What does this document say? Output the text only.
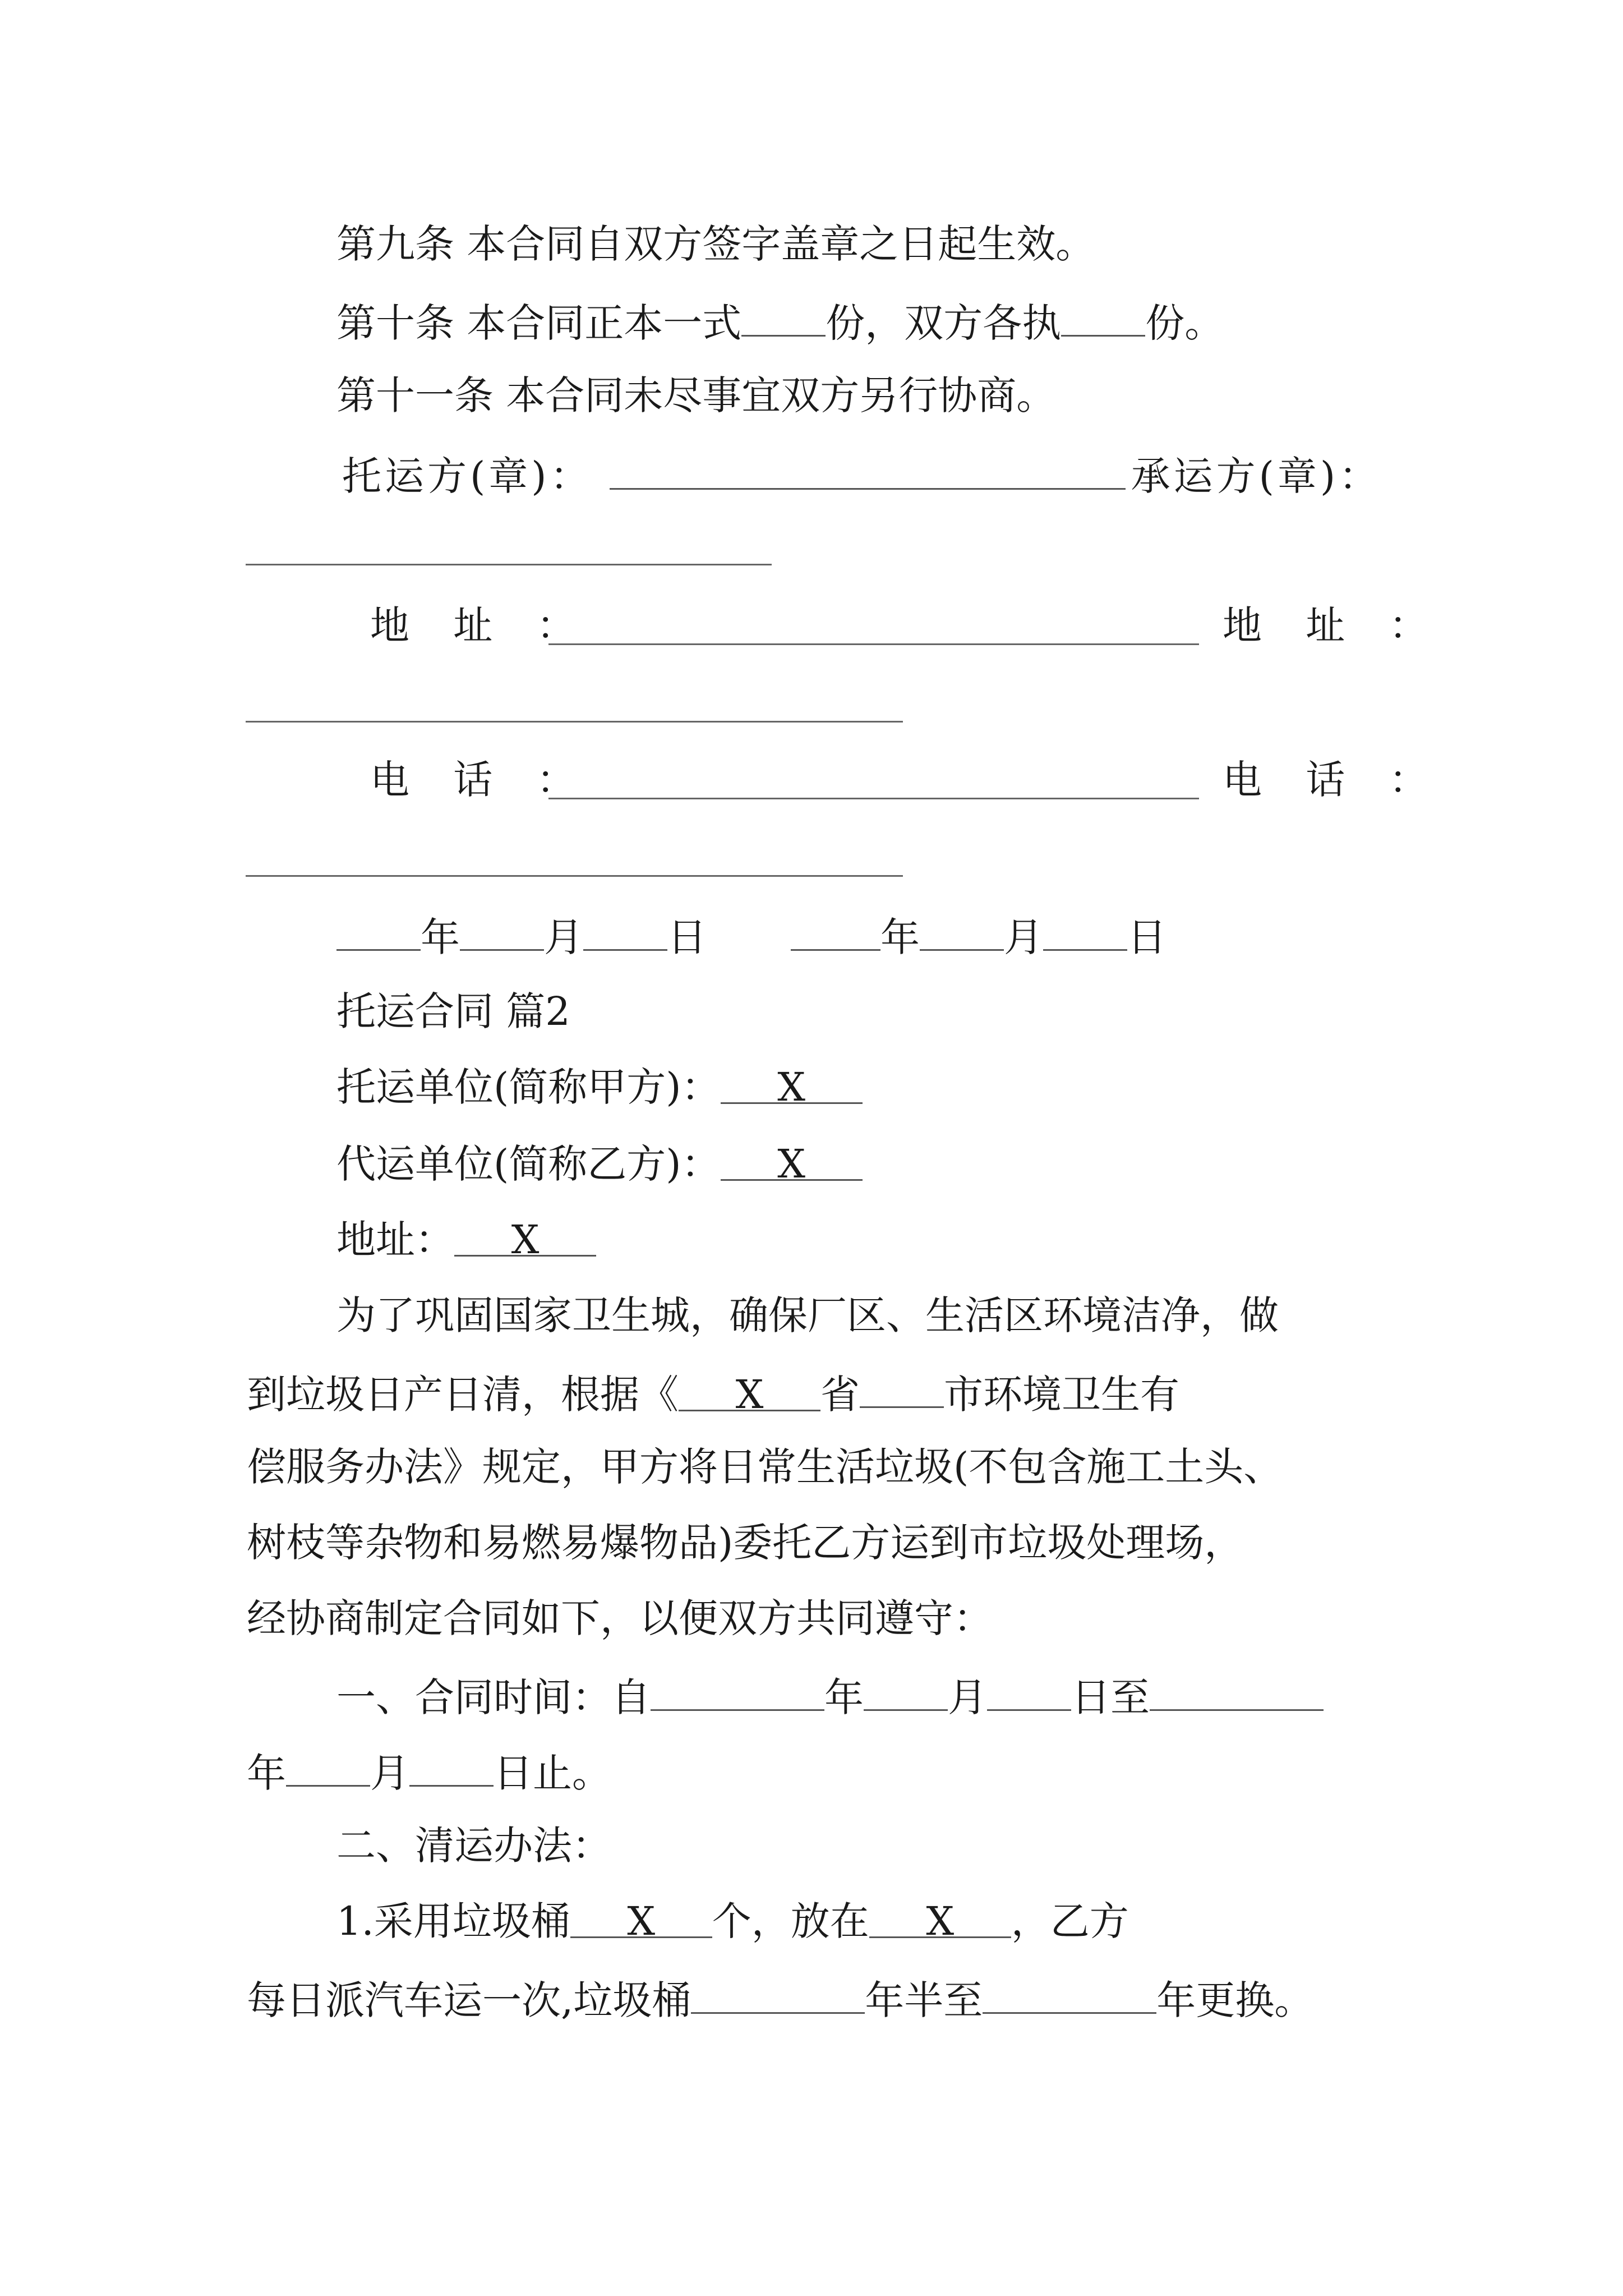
第九条 本合同自双方签字盖章之日起生效。
第十条 本合同正本一式 份，双方各执 份。
第十一条 本合同未尽事宜双方另行协商。
托运方(章)：	承运方(章)：
地 址 ：	地 址 ：
电 话 ：	电 话 ：
年 月 日	年 月 日
托运合同 篇2
托运单位(简称甲方)： X
代运单位(简称乙方)： X
地址： X
为了巩固国家卫生城，确保厂区、生活区环境洁净，做
到垃圾日产日清，根据《 X 省 市环境卫生有
偿服务办法》规定，甲方将日常生活垃圾(不包含施工土头、
树枝等杂物和易燃易爆物品)委托乙方运到市垃圾处理场，
经协商制定合同如下，以便双方共同遵守：
一、合同时间：自	年 月 日至
年 月 日止。
二、清运办法：
1.采用垃圾桶 X 个，放在 X ，乙方
每日派汽车运一次,垃圾桶	年半至	年更换。
